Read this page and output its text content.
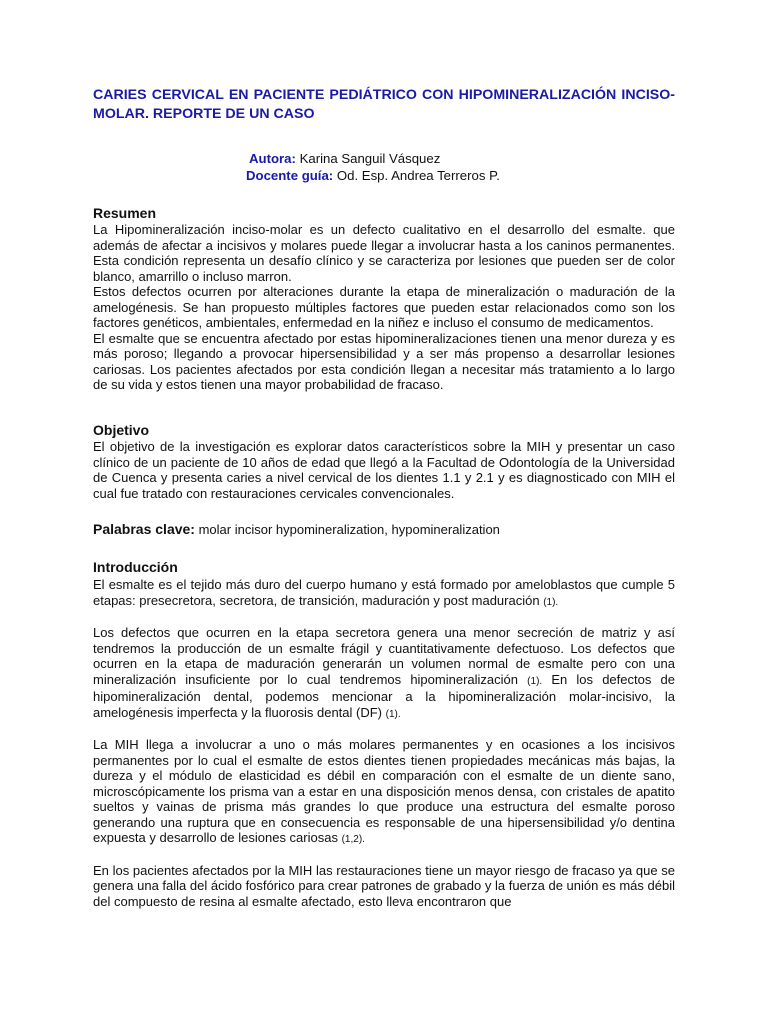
CARIES CERVICAL EN PACIENTE PEDIÁTRICO CON HIPOMINERALIZACIÓN INCISO-MOLAR. REPORTE DE UN CASO
Autora: Karina Sanguil Vásquez
Docente guía: Od. Esp. Andrea Terreros P.
Resumen

La Hipomineralización inciso-molar es un defecto cualitativo en el desarrollo del esmalte. que además de afectar a incisivos y molares puede llegar a involucrar hasta a los caninos permanentes. Esta condición representa un desafío clínico y se caracteriza por lesiones que pueden ser de color blanco, amarrillo o incluso marron.

Estos defectos ocurren por alteraciones durante la etapa de mineralización o maduración de la amelogénesis. Se han propuesto múltiples factores que pueden estar relacionados como son los factores genéticos, ambientales, enfermedad en la niñez e incluso el consumo de medicamentos.

El esmalte que se encuentra afectado por estas hipomineralizaciones tienen una menor dureza y es más poroso; llegando a provocar hipersensibilidad y a ser más propenso a desarrollar lesiones cariosas. Los pacientes afectados por esta condición llegan a necesitar más tratamiento a lo largo de su vida y estos tienen una mayor probabilidad de fracaso.

Objetivo

El objetivo de la investigación es explorar datos característicos sobre la MIH y presentar un caso clínico de un paciente de 10 años de edad que llegó a la Facultad de Odontología de la Universidad de Cuenca y presenta caries a nivel cervical de los dientes 1.1 y 2.1 y es diagnosticado con MIH el cual fue tratado con restauraciones cervicales convencionales.

Palabras clave: molar incisor hypomineralization, hypomineralization
Introducción

El esmalte es el tejido más duro del cuerpo humano y está formado por ameloblastos que cumple 5 etapas: presecretora, secretora, de transición, maduración y post maduración (1).

Los defectos que ocurren en la etapa secretora genera una menor secreción de matriz y así tendremos la producción de un esmalte frágil y cuantitativamente defectuoso. Los defectos que ocurren en la etapa de maduración generarán un volumen normal de esmalte pero con una mineralización insuficiente por lo cual tendremos hipomineralización (1). En los defectos de hipomineralización dental, podemos mencionar a la hipomineralización molar-incisivo, la amelogénesis imperfecta y la fluorosis dental (DF) (1).

La MIH llega a involucrar a uno o más molares permanentes y en ocasiones a los incisivos permanentes por lo cual el esmalte de estos dientes tienen propiedades mecánicas más bajas, la dureza y el módulo de elasticidad es débil en comparación con el esmalte de un diente sano, microscópicamente los prisma van a estar en una disposición menos densa, con cristales de apatito sueltos y vainas de prisma más grandes lo que produce una estructura del esmalte poroso generando una ruptura que en consecuencia es responsable de una hipersensibilidad y/o dentina expuesta y desarrollo de lesiones cariosas (1,2).

En los pacientes afectados por la MIH las restauraciones tiene un mayor riesgo de fracaso ya que se genera una falla del ácido fosfórico para crear patrones de grabado y la fuerza de unión es más débil del compuesto de resina al esmalte afectado, esto lleva encontraron que
